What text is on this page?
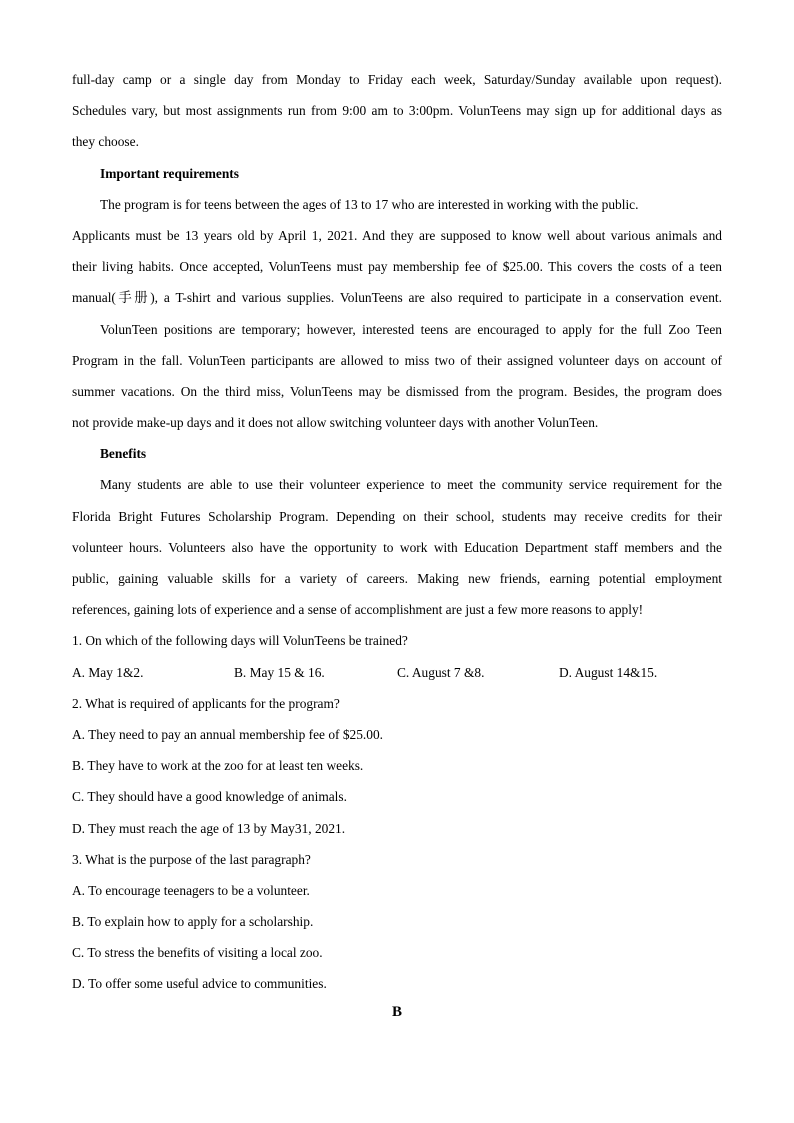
full-day camp or a single day from Monday to Friday each week, Saturday/Sunday available upon request).
Schedules vary, but most assignments run from 9:00 am to 3:00pm. VolunTeens may sign up for additional days as
they choose.
Important requirements
The program is for teens between the ages of 13 to 17 who are interested in working with the public.
Applicants must be 13 years old by April 1, 2021. And they are supposed to know well about various animals and
their living habits. Once accepted, VolunTeens must pay membership fee of $25.00. This covers the costs of a teen
manual(手册), a T-shirt and various supplies. VolunTeens are also required to participate in a conservation event.
VolunTeen positions are temporary; however, interested teens are encouraged to apply for the full Zoo Teen
Program in the fall. VolunTeen participants are allowed to miss two of their assigned volunteer days on account of
summer vacations. On the third miss, VolunTeens may be dismissed from the program. Besides, the program does
not provide make-up days and it does not allow switching volunteer days with another VolunTeen.
Benefits
Many students are able to use their volunteer experience to meet the community service requirement for the
Florida Bright Futures Scholarship Program. Depending on their school, students may receive credits for their
volunteer hours. Volunteers also have the opportunity to work with Education Department staff members and the
public, gaining valuable skills for a variety of careers. Making new friends, earning potential employment
references, gaining lots of experience and a sense of accomplishment are just a few more reasons to apply!
1. On which of the following days will VolunTeens be trained?
A. May 1&2.	B. May 15 & 16.	C. August 7 &8.	D. August 14&15.
2. What is required of applicants for the program?
A. They need to pay an annual membership fee of $25.00.
B. They have to work at the zoo for at least ten weeks.
C. They should have a good knowledge of animals.
D. They must reach the age of 13 by May31, 2021.
3. What is the purpose of the last paragraph?
A. To encourage teenagers to be a volunteer.
B. To explain how to apply for a scholarship.
C. To stress the benefits of visiting a local zoo.
D. To offer some useful advice to communities.
B
